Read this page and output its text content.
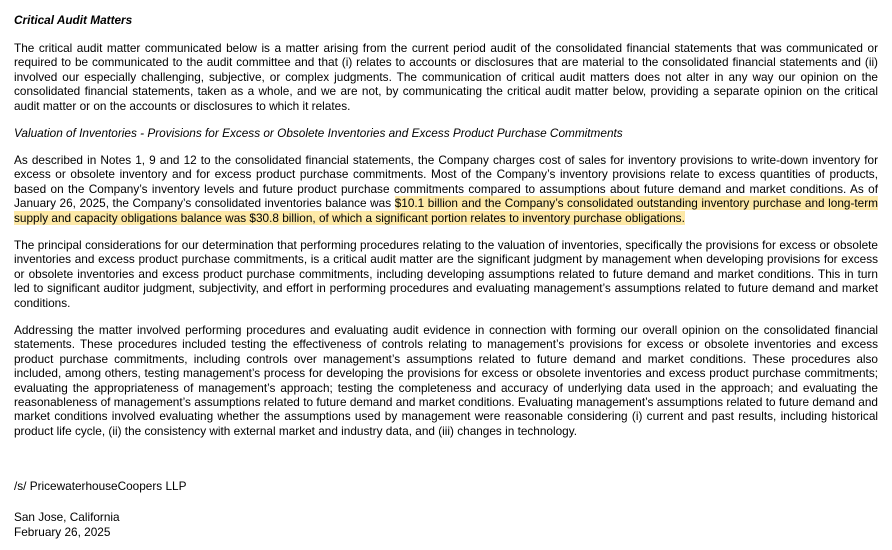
Critical Audit Matters

The critical audit matter communicated below is a matter arising from the current period audit of the consolidated financial statements that was communicated or required to be communicated to the audit committee and that (i) relates to accounts or disclosures that are material to the consolidated financial statements and (ii) involved our especially challenging, subjective, or complex judgments. The communication of critical audit matters does not alter in any way our opinion on the consolidated financial statements, taken as a whole, and we are not, by communicating the critical audit matter below, providing a separate opinion on the critical audit matter or on the accounts or disclosures to which it relates.

Valuation of Inventories - Provisions for Excess or Obsolete Inventories and Excess Product Purchase Commitments

As described in Notes 1, 9 and 12 to the consolidated financial statements, the Company charges cost of sales for inventory provisions to write-down inventory for excess or obsolete inventory and for excess product purchase commitments. Most of the Company’s inventory provisions relate to excess quantities of products, based on the Company’s inventory levels and future product purchase commitments compared to assumptions about future demand and market conditions. As of January 26, 2025, the Company’s consolidated inventories balance was $10.1 billion and the Company’s consolidated outstanding inventory purchase and long-term supply and capacity obligations balance was $30.8 billion, of which a significant portion relates to inventory purchase obligations.

The principal considerations for our determination that performing procedures relating to the valuation of inventories, specifically the provisions for excess or obsolete inventories and excess product purchase commitments, is a critical audit matter are the significant judgment by management when developing provisions for excess or obsolete inventories and excess product purchase commitments, including developing assumptions related to future demand and market conditions. This in turn led to significant auditor judgment, subjectivity, and effort in performing procedures and evaluating management’s assumptions related to future demand and market conditions.

Addressing the matter involved performing procedures and evaluating audit evidence in connection with forming our overall opinion on the consolidated financial statements. These procedures included testing the effectiveness of controls relating to management’s provisions for excess or obsolete inventories and excess product purchase commitments, including controls over management’s assumptions related to future demand and market conditions. These procedures also included, among others, testing management’s process for developing the provisions for excess or obsolete inventories and excess product purchase commitments; evaluating the appropriateness of management’s approach; testing the completeness and accuracy of underlying data used in the approach; and evaluating the reasonableness of management’s assumptions related to future demand and market conditions. Evaluating management’s assumptions related to future demand and market conditions involved evaluating whether the assumptions used by management were reasonable considering (i) current and past results, including historical product life cycle, (ii) the consistency with external market and industry data, and (iii) changes in technology.

/s/ PricewaterhouseCoopers LLP

San Jose, California

February 26, 2025
